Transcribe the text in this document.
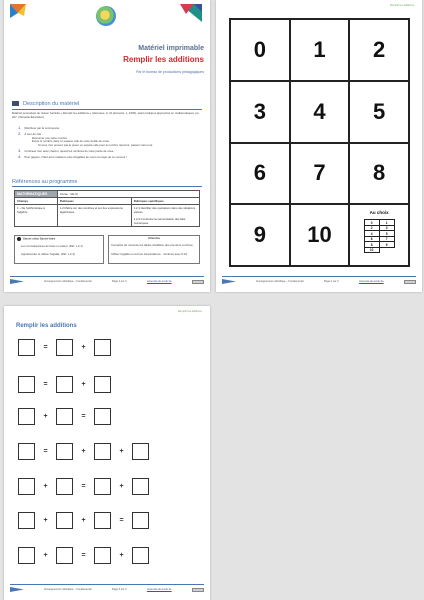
Matériel imprimable
Remplir les additions
Par le bureau de productions pédagogiques
Description du matériel
Matériel permettant de réviser l'activité « Remplir les additions » (décorées, 0, 10 éléments, 1, 1000), étant pratiques appropriés en mathématiques. pp. 227, (Tazwelle Éducation).
1. Distribuer par la commencer.
2. À tour de rôle :
Retourner une carte nombre.
Écrire le nombre dans un espace vide de votre feuille de route.
Si vous n'en pouvez pas le poser un espace vide pour le nombre retourné, passez votre tour.
3. Continuer tour avec chacun, quand les nombres de votre partie de nous.
4. Pour gagner, il faut avoir réalisé le plus d'égalités au cours du sujet de ce concour !
Références au programme
MATHÉMATIQUES	Année : CE-Sl	
Champs	Rubriques	Rubriques spécifiques
1 – De l'arithmétique à l'algèbre	1.2 Mettre sur des nombres et sur des expressions algébriques	1.2.1 Identifier des opérations dans des situations variées
1.2.3 Construire la mémorisation des faits numériques
Savoir et/ou Savoir-faire
Les connaissances de base en calcul. (Réf. L.2.1)
Appréhender et utiliser l'égalité. (Réf. L.2.3)
Attendus
Connaître de mémoire les tables d'addition des premiers nombres.
Utiliser l'égalité en termes d'équivalence : nombres avec 0-10.
Enseignement catholique – Fondamental	Page 1 sur 3	www.site-de-ecole.be
Remplir les additions
0	1	2
3	4	5
6	7	8
9	10
Au choix
0	1
2	3
4	5
6	7
8	9
10	
Enseignement catholique – Fondamental	Page 2 sur 3	www.site-de-ecole.be
Remplir les additions
Remplir les additions
=	+
=	+
+	=
=	+	+
+	=	+
+	+	=
+	=	+
Enseignement catholique – Fondamental	Page 3 sur 3	www.site-de-ecole.be
